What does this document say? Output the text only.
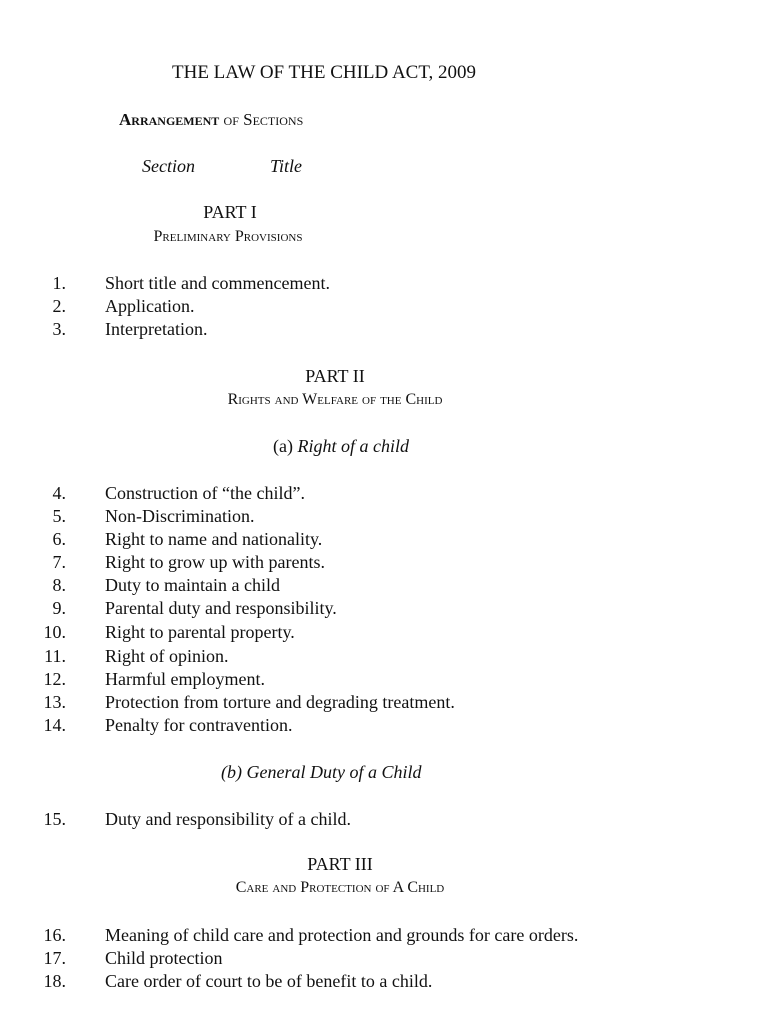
THE LAW OF THE CHILD ACT, 2009
Arrangement of Sections
Section	Title
PART I
Preliminary Provisions
1. Short title and commencement.
2. Application.
3. Interpretation.
PART II
Rights and Welfare of the Child
(a) Right of a child
4. Construction of “the child”.
5. Non-Discrimination.
6. Right to name and nationality.
7. Right to grow up with parents.
8. Duty to maintain a child
9. Parental duty and responsibility.
10. Right to parental property.
11. Right of opinion.
12. Harmful employment.
13. Protection from torture and degrading treatment.
14. Penalty for contravention.
(b) General Duty of a Child
15. Duty and responsibility of a child.
PART III
Care and Protection of A Child
16. Meaning of child care and protection and grounds for care orders.
17. Child protection
18. Care order of court to be of benefit to a child.
